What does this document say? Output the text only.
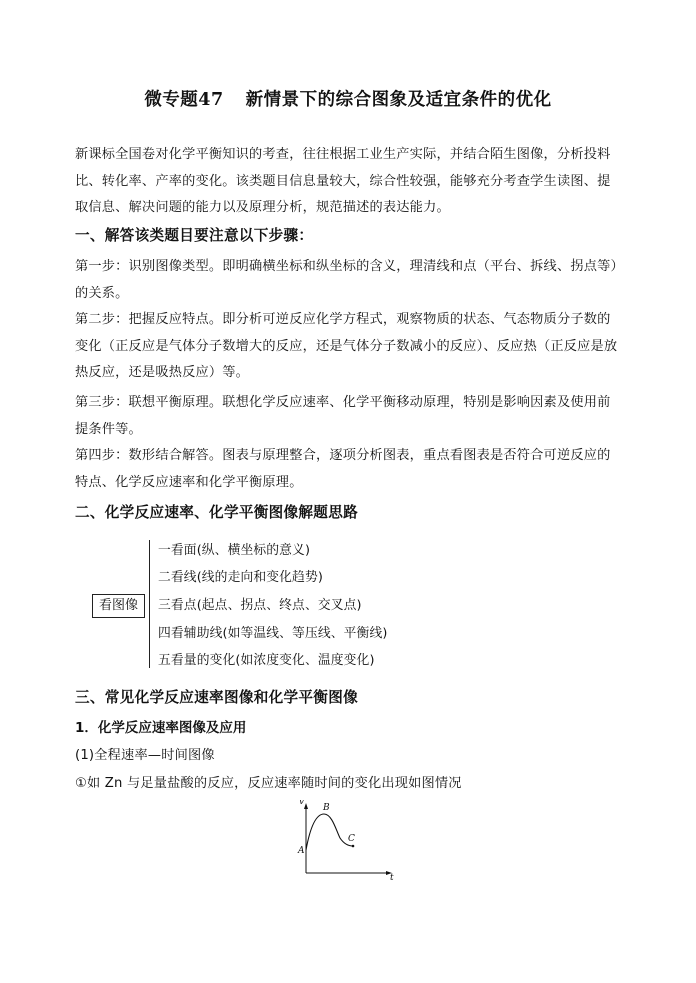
微专题47 新情景下的综合图象及适宜条件的优化
新课标全国卷对化学平衡知识的考查，往往根据工业生产实际，并结合陌生图像，分析投料比、转化率、产率的变化。该类题目信息量较大，综合性较强，能够充分考查学生读图、提取信息、解决问题的能力以及原理分析，规范描述的表达能力。
一、解答该类题目要注意以下步骤：
第一步：识别图像类型。即明确横坐标和纵坐标的含义，理清线和点（平台、拆线、拐点等）的关系。
第二步：把握反应特点。即分析可逆反应化学方程式，观察物质的状态、气态物质分子数的变化（正反应是气体分子数增大的反应，还是气体分子数减小的反应）、反应热（正反应是放热反应，还是吸热反应）等。
第三步：联想平衡原理。联想化学反应速率、化学平衡移动原理，特别是影响因素及使用前提条件等。
第四步：数形结合解答。图表与原理整合，逐项分析图表，重点看图表是否符合可逆反应的特点、化学反应速率和化学平衡原理。
二、化学反应速率、化学平衡图像解题思路
看图像
一看面(纵、横坐标的意义)
二看线(线的走向和变化趋势)
三看点(起点、拐点、终点、交叉点)
四看辅助线(如等温线、等压线、平衡线)
五看量的变化(如浓度变化、温度变化)
三、常见化学反应速率图像和化学平衡图像
1．化学反应速率图像及应用
(1)全程速率—时间图像
①如 Zn 与足量盐酸的反应，反应速率随时间的变化出现如图情况
v
t
A
B
C
